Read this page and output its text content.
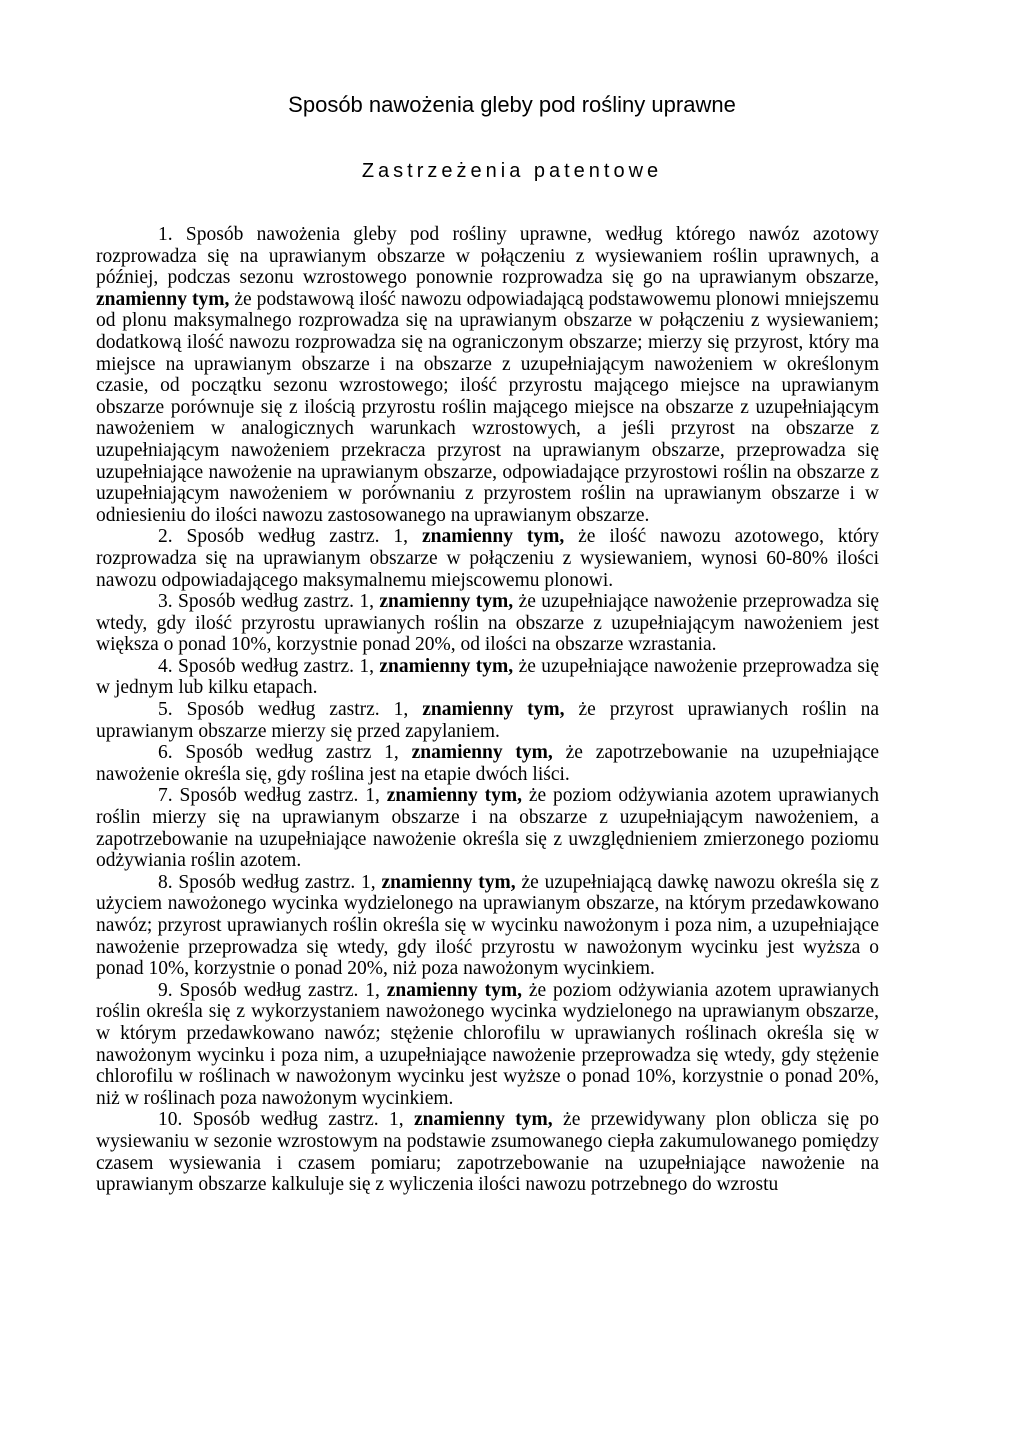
Sposób nawożenia gleby pod rośliny uprawne
Zastrzeżenia patentowe

1. Sposób nawożenia gleby pod rośliny uprawne, według którego nawóz azotowy rozprowadza się na uprawianym obszarze w połączeniu z wysiewaniem roślin uprawnych, a później, podczas sezonu wzrostowego ponownie rozprowadza się go na uprawianym obszarze, znamienny tym, że podstawową ilość nawozu odpowiadającą podstawowemu plonowi mniejszemu od plonu maksymalnego rozprowadza się na uprawianym obszarze w połączeniu z wysiewaniem; dodatkową ilość nawozu rozprowadza się na ograniczonym obszarze; mierzy się przyrost, który ma miejsce na uprawianym obszarze i na obszarze z uzupełniającym nawożeniem w określonym czasie, od początku sezonu wzrostowego; ilość przyrostu mającego miejsce na uprawianym obszarze porównuje się z ilością przyrostu roślin mającego miejsce na obszarze z uzupełniającym nawożeniem w analogicznych warunkach wzrostowych, a jeśli przyrost na obszarze z uzupełniającym nawożeniem przekracza przyrost na uprawianym obszarze, przeprowadza się uzupełniające nawożenie na uprawianym obszarze, odpowiadające przyrostowi roślin na obszarze z uzupełniającym nawożeniem w porównaniu z przyrostem roślin na uprawianym obszarze i w odniesieniu do ilości nawozu zastosowanego na uprawianym obszarze.

2. Sposób według zastrz. 1, znamienny tym, że ilość nawozu azotowego, który rozprowadza się na uprawianym obszarze w połączeniu z wysiewaniem, wynosi 60-80% ilości nawozu odpowiadającego maksymalnemu miejscowemu plonowi.

3. Sposób według zastrz. 1, znamienny tym, że uzupełniające nawożenie przeprowadza się wtedy, gdy ilość przyrostu uprawianych roślin na obszarze z uzupełniającym nawożeniem jest większa o ponad 10%, korzystnie ponad 20%, od ilości na obszarze wzrastania.

4. Sposób według zastrz. 1, znamienny tym, że uzupełniające nawożenie przeprowadza się w jednym lub kilku etapach.

5. Sposób według zastrz. 1, znamienny tym, że przyrost uprawianych roślin na uprawianym obszarze mierzy się przed zapylaniem.

6. Sposób według zastrz 1, znamienny tym, że zapotrzebowanie na uzupełniające nawożenie określa się, gdy roślina jest na etapie dwóch liści.

7. Sposób według zastrz. 1, znamienny tym, że poziom odżywiania azotem uprawianych roślin mierzy się na uprawianym obszarze i na obszarze z uzupełniającym nawożeniem, a zapotrzebowanie na uzupełniające nawożenie określa się z uwzględnieniem zmierzonego poziomu odżywiania roślin azotem.

8. Sposób według zastrz. 1, znamienny tym, że uzupełniającą dawkę nawozu określa się z użyciem nawożonego wycinka wydzielonego na uprawianym obszarze, na którym przedawkowano nawóz; przyrost uprawianych roślin określa się w wycinku nawożonym i poza nim, a uzupełniające nawożenie przeprowadza się wtedy, gdy ilość przyrostu w nawożonym wycinku jest wyższa o ponad 10%, korzystnie o ponad 20%, niż poza nawożonym wycinkiem.

9. Sposób według zastrz. 1, znamienny tym, że poziom odżywiania azotem uprawianych roślin określa się z wykorzystaniem nawożonego wycinka wydzielonego na uprawianym obszarze, w którym przedawkowano nawóz; stężenie chlorofilu w uprawianych roślinach określa się w nawożonym wycinku i poza nim, a uzupełniające nawożenie przeprowadza się wtedy, gdy stężenie chlorofilu w roślinach w nawożonym wycinku jest wyższe o ponad 10%, korzystnie o ponad 20%, niż w roślinach poza nawożonym wycinkiem.

10. Sposób według zastrz. 1, znamienny tym, że przewidywany plon oblicza się po wysiewaniu w sezonie wzrostowym na podstawie zsumowanego ciepła zakumulowanego pomiędzy czasem wysiewania i czasem pomiaru; zapotrzebowanie na uzupełniające nawożenie na uprawianym obszarze kalkuluje się z wyliczenia ilości nawozu potrzebnego do wzrostu
